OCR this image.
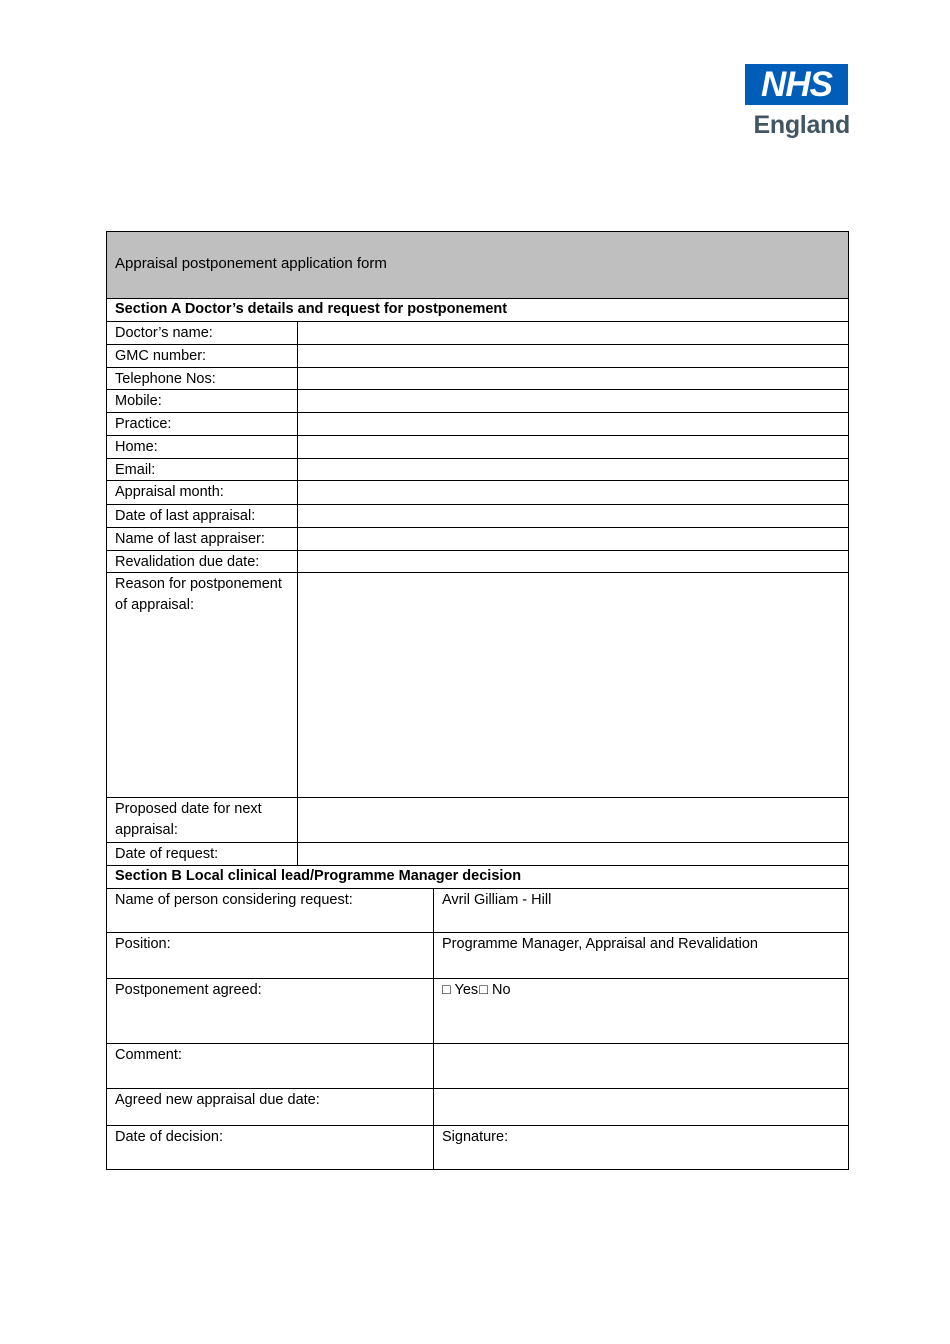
NHS
England
Appraisal postponement application form
Section A Doctor’s details and request for postponement
Doctor’s name:
GMC number:
Telephone Nos:
Mobile:
Practice:
Home:
Email:
Appraisal month:
Date of last appraisal:
Name of last appraiser:
Revalidation due date:
Reason for postponement of appraisal:
Proposed date for next appraisal:
Date of request:
Section B Local clinical lead/Programme Manager decision
Name of person considering request:	Avril Gilliam - Hill
Position:	Programme Manager, Appraisal and Revalidation
Postponement agreed:	□ Yes□ No
Comment:
Agreed new appraisal due date:
Date of decision:	Signature:
